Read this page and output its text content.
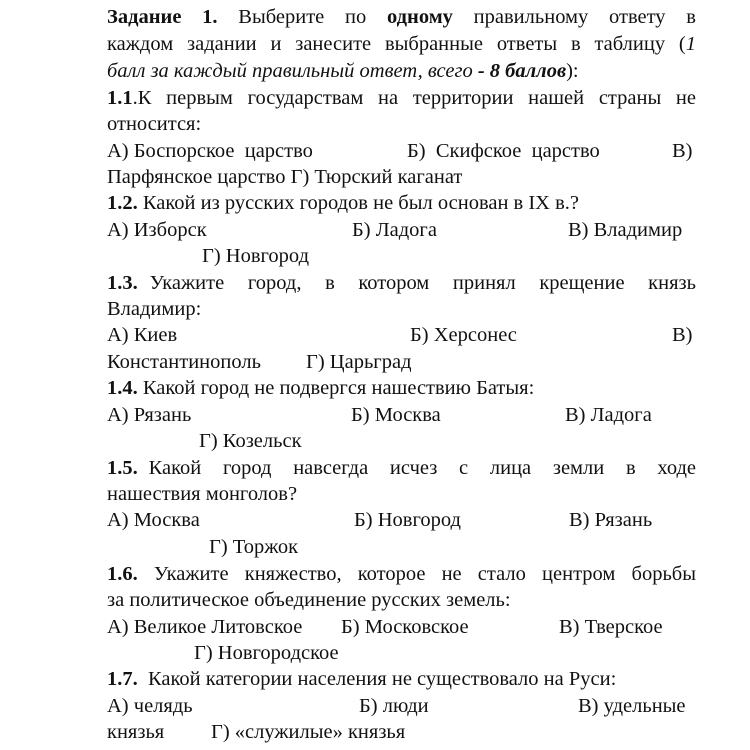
Задание 1. Выберите по одному правильному ответу в
каждом задании и занесите выбранные ответы в таблицу (1
балл за каждый правильный ответ, всего - 8 баллов):
1.1.К первым государствам на территории нашей страны не
относится:
А) Боспорское  царство	Б)  Скифское  царство	В)
Парфянское царство Г) Тюрский каганат
1.2. Какой из русских городов не был основан в IX в.?
А) Изборск	Б) Ладога	В) Владимир
Г) Новгород
1.3. Укажите  город,  в  котором  принял  крещение  князь
Владимир:
А) Киев	Б) Херсонес	В)
Константинополь Г) Царьград
1.4. Какой город не подвергся нашествию Батыя:
А) Рязань	Б) Москва	В) Ладога
Г) Козельск
1.5. Какой  город  навсегда  исчез  с  лица  земли  в  ходе
нашествия монголов?
А) Москва	Б) Новгород	В) Рязань
Г) Торжок
1.6. Укажите княжество, которое не стало центром борьбы
за политическое объединение русских земель:
А) Великое Литовское Б) Московское	В) Тверское
Г) Новгородское
1.7.  Какой категории населения не существовало на Руси:
А) челядь	Б) люди	В) удельные
князья Г) «служилые» князья
